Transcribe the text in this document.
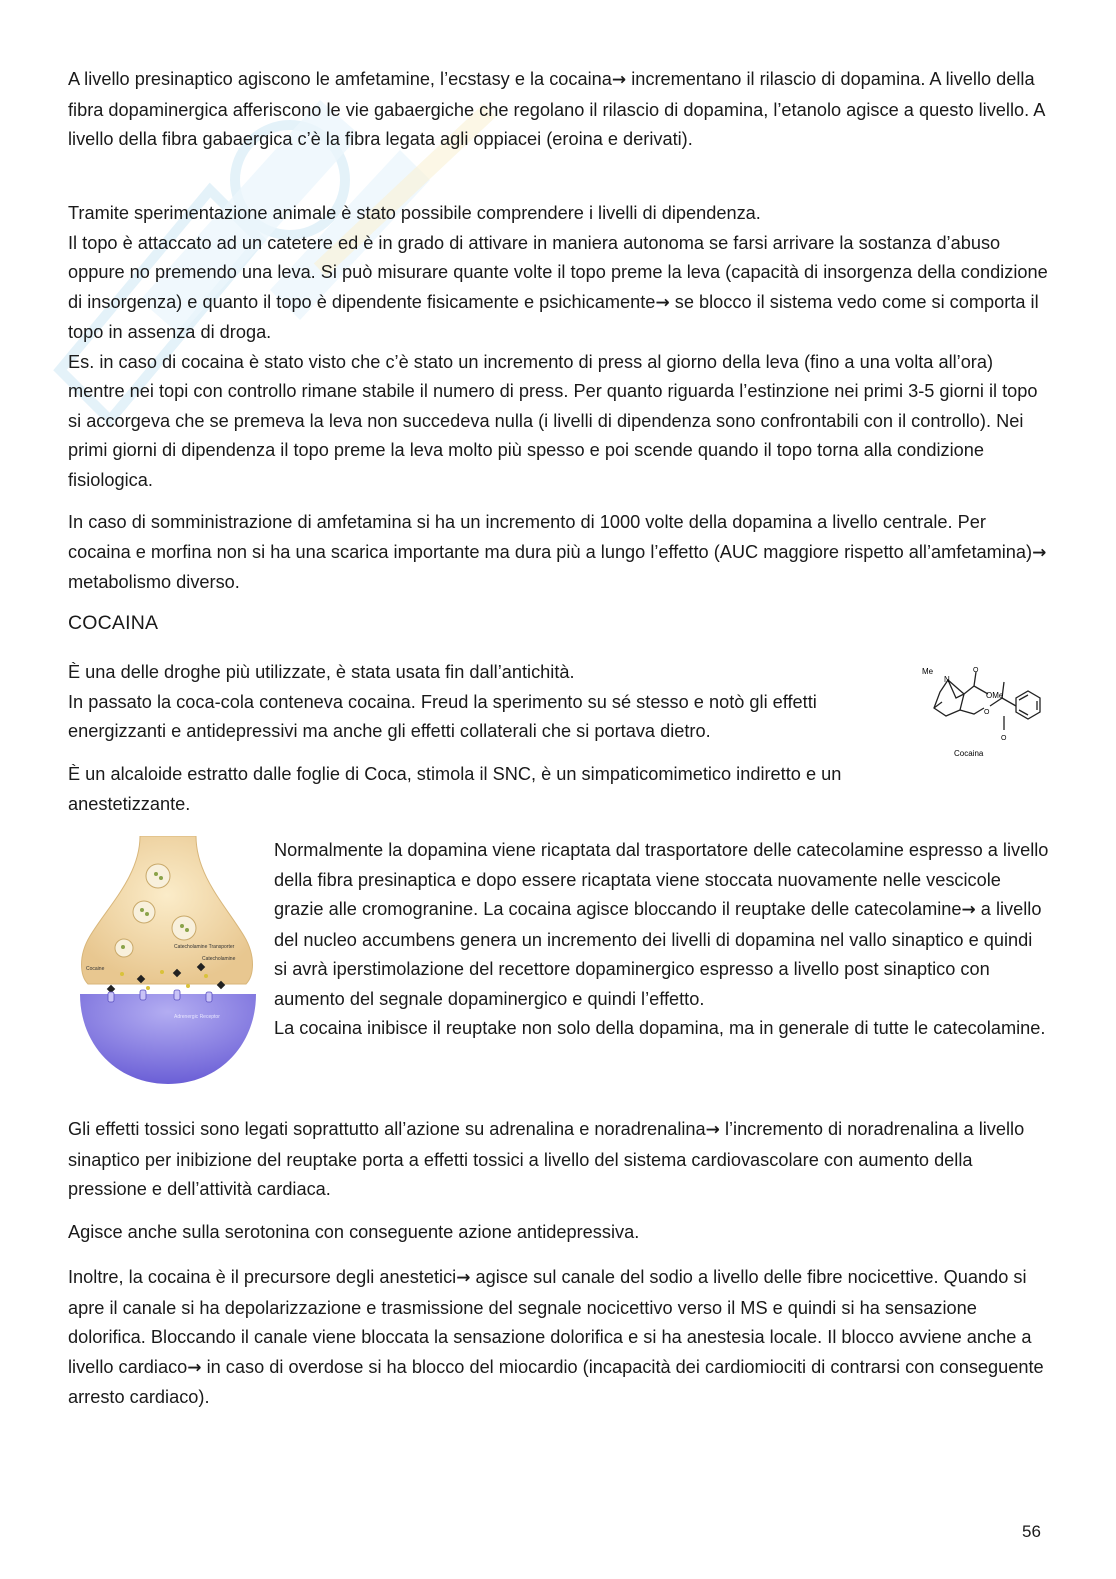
A livello presinaptico agiscono le amfetamine, l’ecstasy e la cocaina→ incrementano il rilascio di dopamina. A livello della fibra dopaminergica afferiscono le vie gabaergiche che regolano il rilascio di dopamina, l’etanolo agisce a questo livello. A livello della fibra gabaergica c’è la fibra legata agli oppiacei (eroina e derivati).

Tramite sperimentazione animale è stato possibile comprendere i livelli di dipendenza.
Il topo è attaccato ad un catetere ed è in grado di attivare in maniera autonoma se farsi arrivare la sostanza d’abuso oppure no premendo una leva. Si può misurare quante volte il topo preme la leva (capacità di insorgenza della condizione di insorgenza) e quanto il topo è dipendente fisicamente e psichicamente→ se blocco il sistema vedo come si comporta il topo in assenza di droga.
Es. in caso di cocaina è stato visto che c’è stato un incremento di press al giorno della leva (fino a una volta all’ora) mentre nei topi con controllo rimane stabile il numero di press. Per quanto riguarda l’estinzione nei primi 3-5 giorni il topo si accorgeva che se premeva la leva non succedeva nulla (i livelli di dipendenza sono confrontabili con il controllo). Nei primi giorni di dipendenza il topo preme la leva molto più spesso e poi scende quando il topo torna alla condizione fisiologica.

In caso di somministrazione di amfetamina si ha un incremento di 1000 volte della dopamina a livello centrale. Per cocaina e morfina non si ha una scarica importante ma dura più a lungo l’effetto (AUC maggiore rispetto all’amfetamina)→ metabolismo diverso.

COCAINA

È una delle droghe più utilizzate, è stata usata fin dall’antichità.
In passato la coca-cola conteneva cocaina. Freud la sperimento su sé stesso e notò gli effetti energizzanti e antidepressivi ma anche gli effetti collaterali che si portava dietro.

Me
N
O
OMe
O
O
Cocaina

È un alcaloide estratto dalle foglie di Coca, stimola il SNC, è un simpaticomimetico indiretto e un anestetizzante.

Catecholamine Transporter
Catecholamine
Cocaine
Adrenergic Receptor

Normalmente la dopamina viene ricaptata dal trasportatore delle catecolamine espresso a livello della fibra presinaptica e dopo essere ricaptata viene stoccata nuovamente nelle vescicole grazie alle cromogranine. La cocaina agisce bloccando il reuptake delle catecolamine→ a livello del nucleo accumbens genera un incremento dei livelli di dopamina nel vallo sinaptico e quindi si avrà iperstimolazione del recettore dopaminergico espresso a livello post sinaptico con aumento del segnale dopaminergico e quindi l’effetto.
La cocaina inibisce il reuptake non solo della dopamina, ma in generale di tutte le catecolamine.

Gli effetti tossici sono legati soprattutto all’azione su adrenalina e noradrenalina→ l’incremento di noradrenalina a livello sinaptico per inibizione del reuptake porta a effetti tossici a livello del sistema cardiovascolare con aumento della pressione e dell’attività cardiaca.

Agisce anche sulla serotonina con conseguente azione antidepressiva.

Inoltre, la cocaina è il precursore degli anestetici→ agisce sul canale del sodio a livello delle fibre nocicettive. Quando si apre il canale si ha depolarizzazione e trasmissione del segnale nocicettivo verso il MS e quindi si ha sensazione dolorifica. Bloccando il canale viene bloccata la sensazione dolorifica e si ha anestesia locale. Il blocco avviene anche a livello cardiaco→ in caso di overdose si ha blocco del miocardio (incapacità dei cardiomiociti di contrarsi con conseguente arresto cardiaco).

56
